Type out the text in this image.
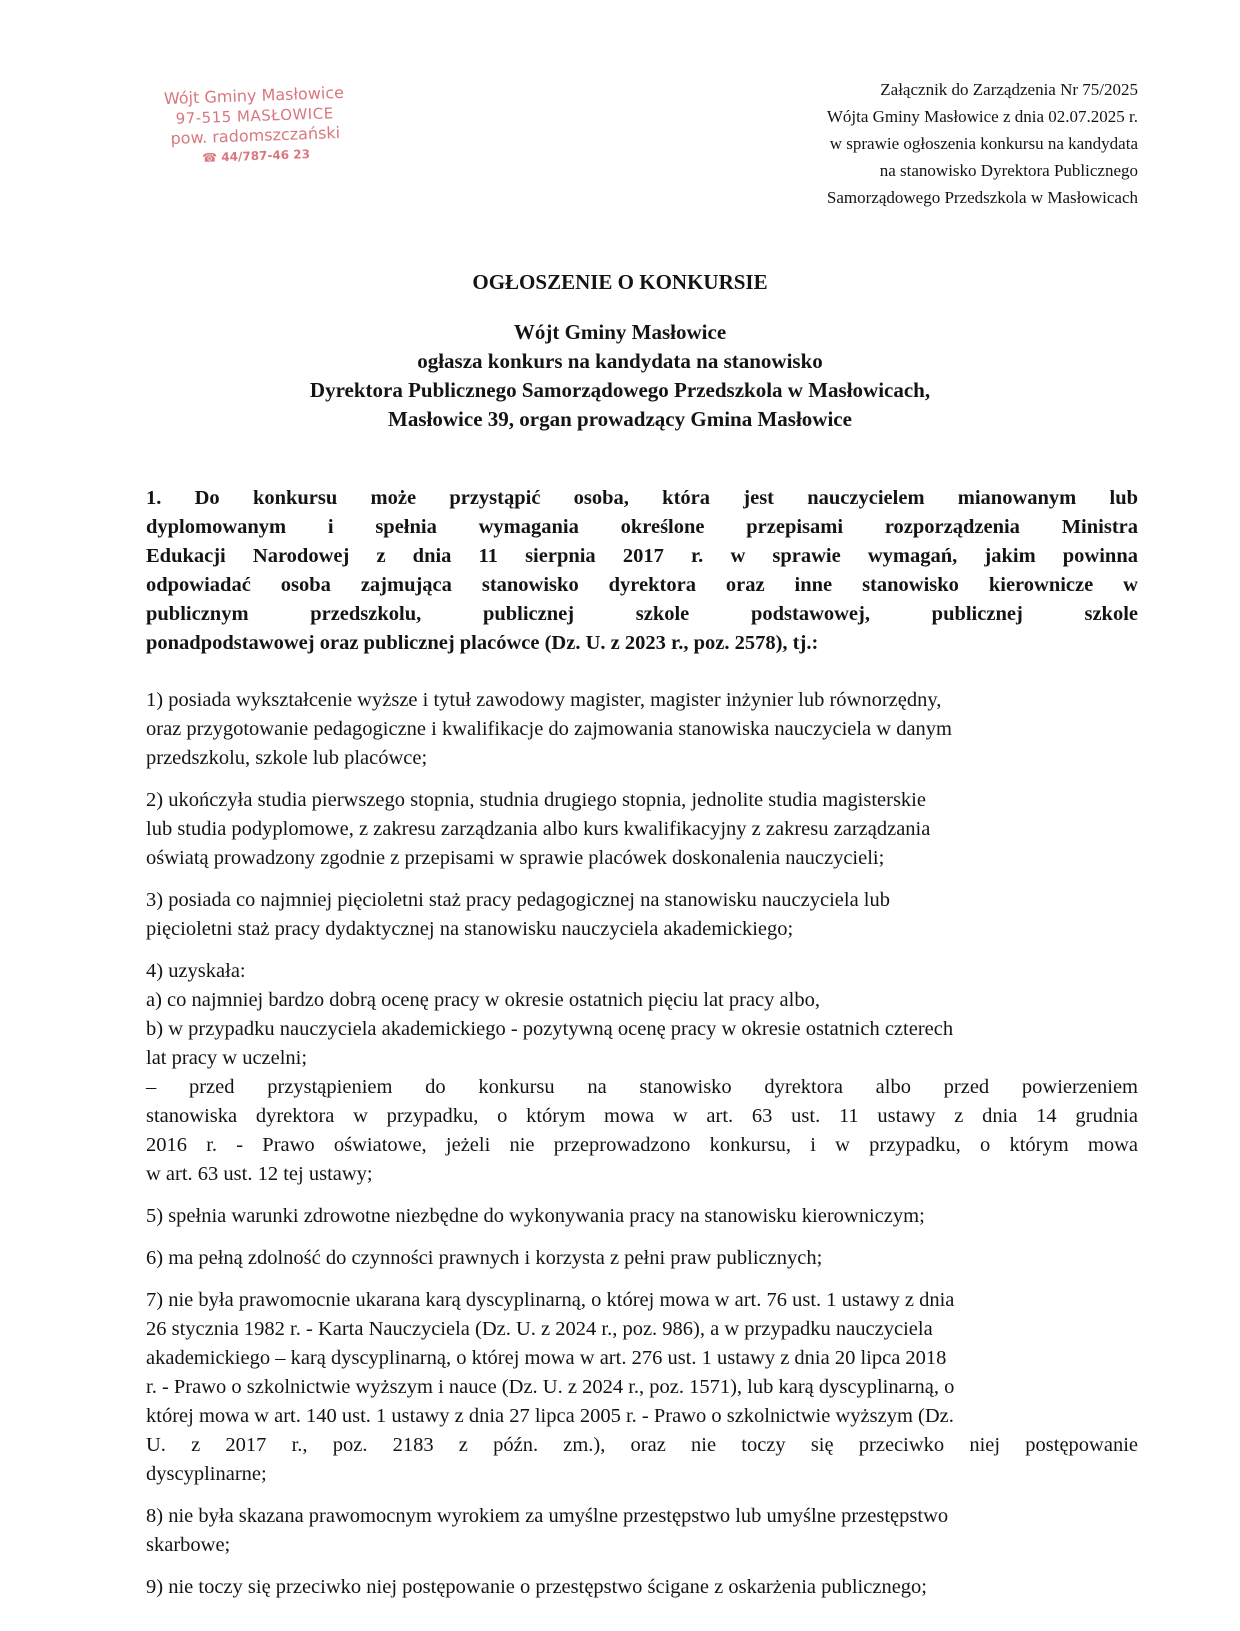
Wójt Gminy Masłowice
97-515 MASŁOWICE
pow. radomszczański
☎ 44/787-46 23
Załącznik do Zarządzenia Nr 75/2025
Wójta Gminy Masłowice z dnia 02.07.2025 r.
w sprawie ogłoszenia konkursu na kandydata
na stanowisko Dyrektora Publicznego
Samorządowego Przedszkola w Masłowicach
OGŁOSZENIE O KONKURSIE
Wójt Gminy Masłowice
ogłasza konkurs na kandydata na stanowisko
Dyrektora Publicznego Samorządowego Przedszkola w Masłowicach,
Masłowice 39, organ prowadzący Gmina Masłowice
1. Do konkursu może przystąpić osoba, która jest nauczycielem mianowanym lub
dyplomowanym i spełnia wymagania określone przepisami rozporządzenia Ministra
Edukacji Narodowej z dnia 11 sierpnia 2017 r. w sprawie wymagań, jakim powinna
odpowiadać osoba zajmująca stanowisko dyrektora oraz inne stanowisko kierownicze w
publicznym przedszkolu, publicznej szkole podstawowej, publicznej szkole
ponadpodstawowej oraz publicznej placówce (Dz. U. z 2023 r., poz. 2578), tj.:
1) posiada wykształcenie wyższe i tytuł zawodowy magister, magister inżynier lub równorzędny,
oraz przygotowanie pedagogiczne i kwalifikacje do zajmowania stanowiska nauczyciela w danym
przedszkolu, szkole lub placówce;
2) ukończyła studia pierwszego stopnia, studnia drugiego stopnia, jednolite studia magisterskie
lub studia podyplomowe, z zakresu zarządzania albo kurs kwalifikacyjny z zakresu zarządzania
oświatą prowadzony zgodnie z przepisami w sprawie placówek doskonalenia nauczycieli;
3) posiada co najmniej pięcioletni staż pracy pedagogicznej na stanowisku nauczyciela lub
pięcioletni staż pracy dydaktycznej na stanowisku nauczyciela akademickiego;
4) uzyskała:
a) co najmniej bardzo dobrą ocenę pracy w okresie ostatnich pięciu lat pracy albo,
b) w przypadku nauczyciela akademickiego - pozytywną ocenę pracy w okresie ostatnich czterech
lat pracy w uczelni;
– przed przystąpieniem do konkursu na stanowisko dyrektora albo przed powierzeniem
stanowiska dyrektora w przypadku, o którym mowa w art. 63 ust. 11 ustawy z dnia 14 grudnia
2016 r. - Prawo oświatowe, jeżeli nie przeprowadzono konkursu, i w przypadku, o którym mowa
w art. 63 ust. 12 tej ustawy;
5) spełnia warunki zdrowotne niezbędne do wykonywania pracy na stanowisku kierowniczym;
6) ma pełną zdolność do czynności prawnych i korzysta z pełni praw publicznych;
7) nie była prawomocnie ukarana karą dyscyplinarną, o której mowa w art. 76 ust. 1 ustawy z dnia
26 stycznia 1982 r. - Karta Nauczyciela (Dz. U. z 2024 r., poz. 986), a w przypadku nauczyciela
akademickiego – karą dyscyplinarną, o której mowa w art. 276 ust. 1 ustawy z dnia 20 lipca 2018
r. - Prawo o szkolnictwie wyższym i nauce (Dz. U. z 2024 r., poz. 1571), lub karą dyscyplinarną, o
której mowa w art. 140 ust. 1 ustawy z dnia 27 lipca 2005 r. - Prawo o szkolnictwie wyższym (Dz.
U. z 2017 r., poz. 2183 z późn. zm.), oraz nie toczy się przeciwko niej postępowanie
dyscyplinarne;
8) nie była skazana prawomocnym wyrokiem za umyślne przestępstwo lub umyślne przestępstwo
skarbowe;
9) nie toczy się przeciwko niej postępowanie o przestępstwo ścigane z oskarżenia publicznego;
